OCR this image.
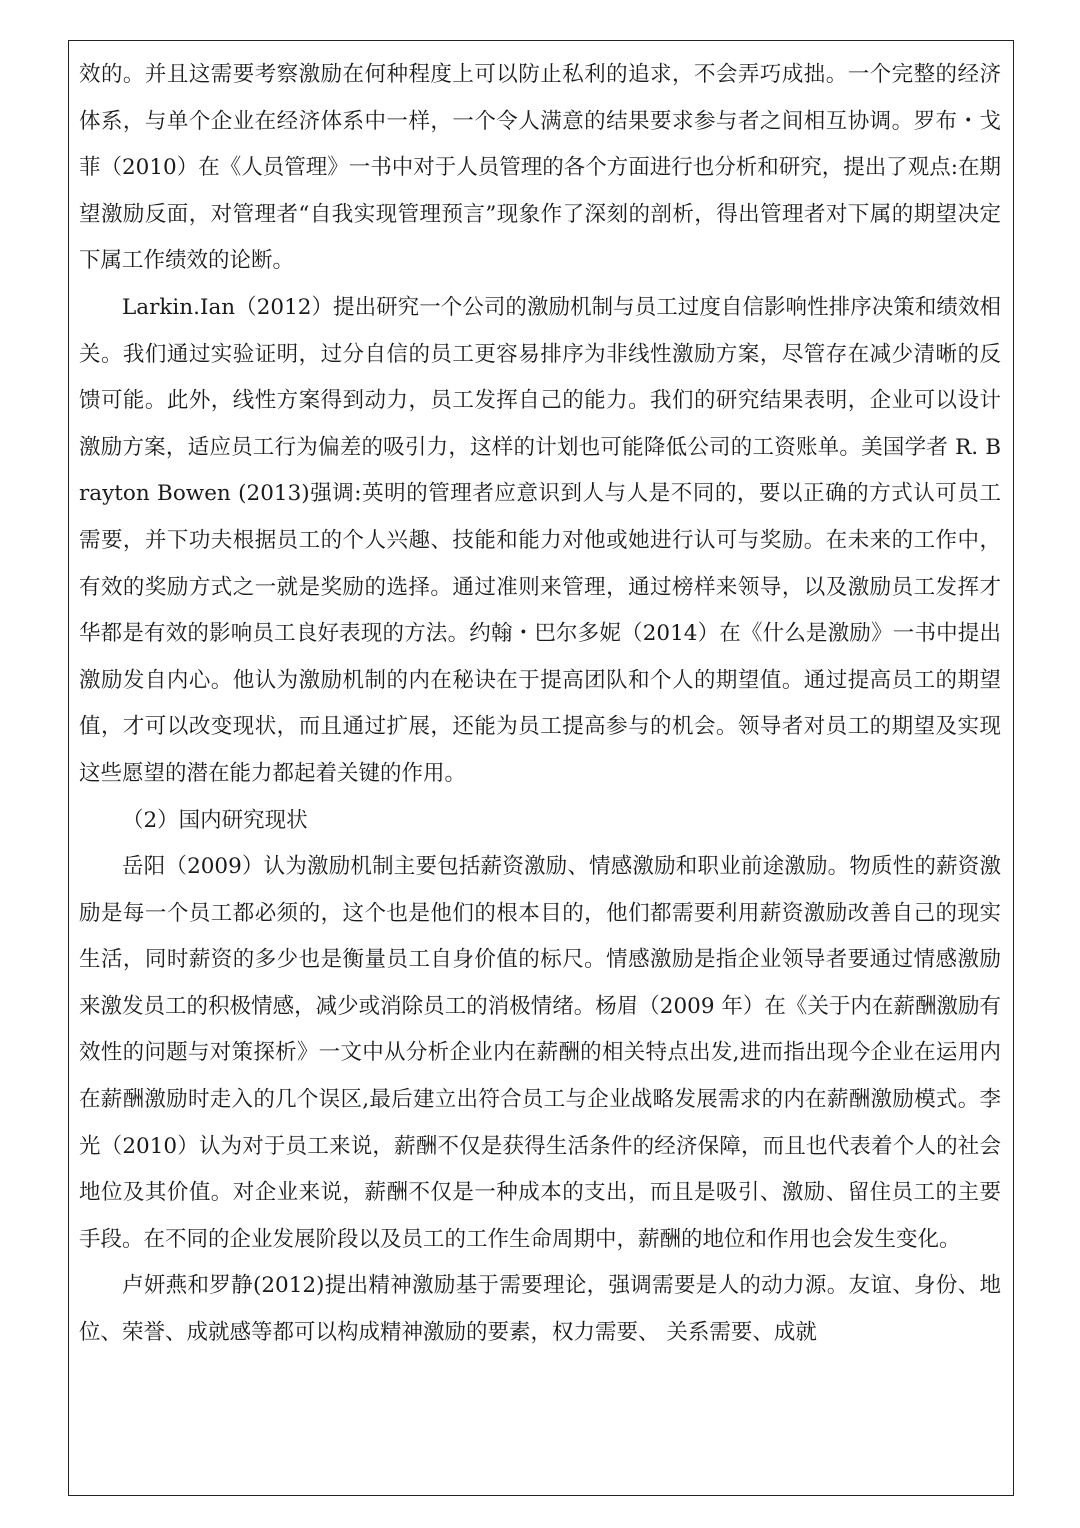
效的。并且这需要考察激励在何种程度上可以防止私利的追求，不会弄巧成拙。一个完整的经济体系，与单个企业在经济体系中一样，一个令人满意的结果要求参与者之间相互协调。罗布・戈菲（2010）在《人员管理》一书中对于人员管理的各个方面进行也分析和研究，提出了观点:在期望激励反面，对管理者“自我实现管理预言”现象作了深刻的剖析，得出管理者对下属的期望决定下属工作绩效的论断。

Larkin.Ian（2012）提出研究一个公司的激励机制与员工过度自信影响性排序决策和绩效相关。我们通过实验证明，过分自信的员工更容易排序为非线性激励方案，尽管存在减少清晰的反馈可能。此外，线性方案得到动力，员工发挥自己的能力。我们的研究结果表明，企业可以设计激励方案，适应员工行为偏差的吸引力，这样的计划也可能降低公司的工资账单。美国学者 R. Brayton Bowen (2013)强调:英明的管理者应意识到人与人是不同的，要以正确的方式认可员工需要，并下功夫根据员工的个人兴趣、技能和能力对他或她进行认可与奖励。在未来的工作中，有效的奖励方式之一就是奖励的选择。通过准则来管理，通过榜样来领导，以及激励员工发挥才华都是有效的影响员工良好表现的方法。约翰・巴尔多妮（2014）在《什么是激励》一书中提出激励发自内心。他认为激励机制的内在秘诀在于提高团队和个人的期望值。通过提高员工的期望值，才可以改变现状，而且通过扩展，还能为员工提高参与的机会。领导者对员工的期望及实现这些愿望的潜在能力都起着关键的作用。

（2）国内研究现状

岳阳（2009）认为激励机制主要包括薪资激励、情感激励和职业前途激励。物质性的薪资激励是每一个员工都必须的，这个也是他们的根本目的，他们都需要利用薪资激励改善自己的现实生活，同时薪资的多少也是衡量员工自身价值的标尺。情感激励是指企业领导者要通过情感激励来激发员工的积极情感，减少或消除员工的消极情绪。杨眉（2009 年）在《关于内在薪酬激励有效性的问题与对策探析》一文中从分析企业内在薪酬的相关特点出发,进而指出现今企业在运用内在薪酬激励时走入的几个误区,最后建立出符合员工与企业战略发展需求的内在薪酬激励模式。李光（2010）认为对于员工来说，薪酬不仅是获得生活条件的经济保障，而且也代表着个人的社会地位及其价值。对企业来说，薪酬不仅是一种成本的支出，而且是吸引、激励、留住员工的主要手段。在不同的企业发展阶段以及员工的工作生命周期中，薪酬的地位和作用也会发生变化。

卢妍燕和罗静(2012)提出精神激励基于需要理论，强调需要是人的动力源。友谊、身份、地位、荣誉、成就感等都可以构成精神激励的要素，权力需要、 关系需要、成就
